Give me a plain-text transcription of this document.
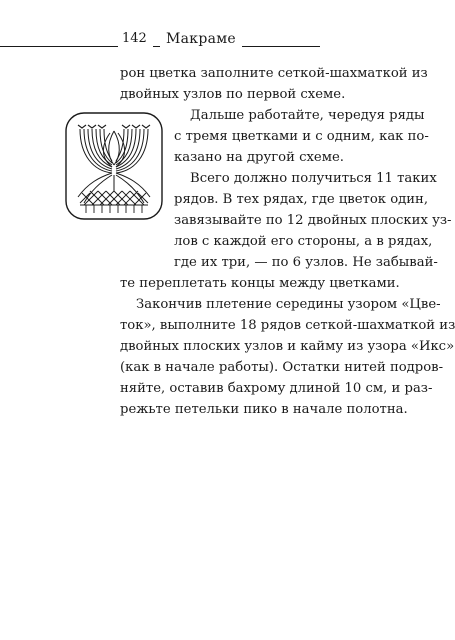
142	Макраме
рон цветка заполните сеткой-шахматкой из
двойных узлов по первой схеме.
Дальше работайте, чередуя ряды
с тремя цветками и с одним, как по-
казано на другой схеме.
Всего должно получиться 11 таких
рядов. В тех рядах, где цветок один,
завязывайте по 12 двойных плоских уз-
лов с каждой его стороны, а в рядах,
где их три, — по 6 узлов. Не забывай-
те переплетать концы между цветками.
Закончив плетение середины узором «Цве-
ток», выполните 18 рядов сеткой-шахматкой из
двойных плоских узлов и кайму из узора «Икс»
(как в начале работы). Остатки нитей подров-
няйте, оставив бахрому длиной 10 см, и раз-
режьте петельки пико в начале полотна.
